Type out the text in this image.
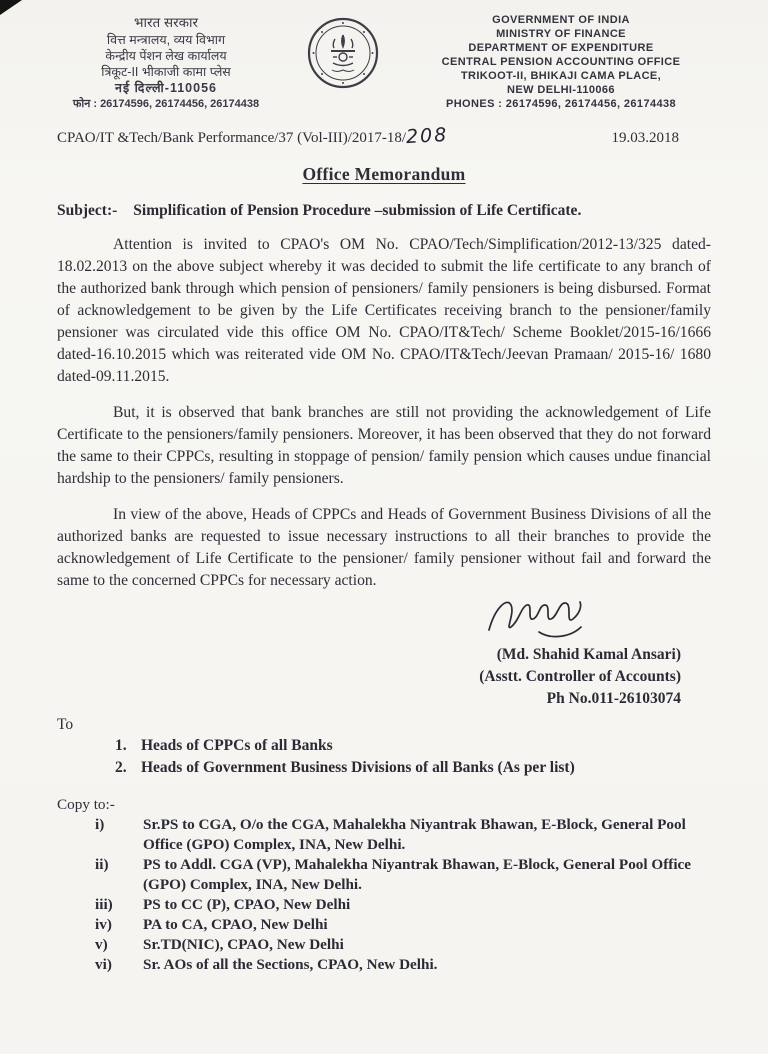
भारत सरकार
वित्त मन्त्रालय, व्यय विभाग
केन्द्रीय पेंशन लेख कार्यालय
त्रिकूट-II भीकाजी कामा प्लेस
नई दिल्ली-110056
फोन : 26174596, 26174456, 26174438
GOVERNMENT OF INDIA
MINISTRY OF FINANCE
DEPARTMENT OF EXPENDITURE
CENTRAL PENSION ACCOUNTING OFFICE
TRIKOOT-II, BHIKAJI CAMA PLACE,
NEW DELHI-110066
PHONES : 26174596, 26174456, 26174438
CPAO/IT &Tech/Bank Performance/37 (Vol-III)/2017-18/208	19.03.2018
Office Memorandum
Subject:- Simplification of Pension Procedure –submission of Life Certificate.

Attention is invited to CPAO's OM No. CPAO/Tech/Simplification/2012-13/325 dated-18.02.2013 on the above subject whereby it was decided to submit the life certificate to any branch of the authorized bank through which pension of pensioners/ family pensioners is being disbursed. Format of acknowledgement to be given by the Life Certificates receiving branch to the pensioner/family pensioner was circulated vide this office OM No. CPAO/IT&Tech/ Scheme Booklet/2015-16/1666 dated-16.10.2015 which was reiterated vide OM No. CPAO/IT&Tech/Jeevan Pramaan/ 2015-16/ 1680 dated-09.11.2015.

But, it is observed that bank branches are still not providing the acknowledgement of Life Certificate to the pensioners/family pensioners. Moreover, it has been observed that they do not forward the same to their CPPCs, resulting in stoppage of pension/ family pension which causes undue financial hardship to the pensioners/ family pensioners.

In view of the above, Heads of CPPCs and Heads of Government Business Divisions of all the authorized banks are requested to issue necessary instructions to all their branches to provide the acknowledgement of Life Certificate to the pensioner/ family pensioner without fail and forward the same to the concerned CPPCs for necessary action.

(Md. Shahid Kamal Ansari)
(Asstt. Controller of Accounts)
Ph No.011-26103074
To
1. Heads of CPPCs of all Banks
2. Heads of Government Business Divisions of all Banks (As per list)
Copy to:-
i)	Sr.PS to CGA, O/o the CGA, Mahalekha Niyantrak Bhawan, E-Block, General Pool Office (GPO) Complex, INA, New Delhi.
ii)	PS to Addl. CGA (VP), Mahalekha Niyantrak Bhawan, E-Block, General Pool Office (GPO) Complex, INA, New Delhi.
iii)	PS to CC (P), CPAO, New Delhi
iv)	PA to CA, CPAO, New Delhi
v)	Sr.TD(NIC), CPAO, New Delhi
vi)	Sr. AOs of all the Sections, CPAO, New Delhi.
